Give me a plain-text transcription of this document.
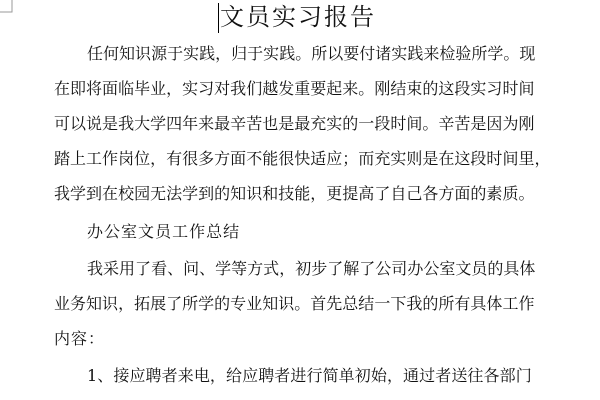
文员实习报告
任 何 知 识 源 于 实 践 ， 归 于 实 践 。 所 以 要 付 诸 实 践 来 检 验 所 学 。 现
在 即 将 面 临 毕 业 ， 实 习 对 我 们 越 发 重 要 起 来 。 刚 结 束 的 这 段 实 习 时 间
可 以 说 是 我 大 学 四 年 来 最 辛 苦 也 是 最 充 实 的 一 段 时 间 。 辛 苦 是 因 为 刚
踏 上 工 作 岗 位 ， 有 很 多 方 面 不 能 很 快 适 应 ； 而 充 实 则 是 在 这 段 时 间 里 ，
我 学 到 在 校 园 无 法 学 到 的 知 识 和 技 能 ， 更 提 高 了 自 己 各 方 面 的 素 质 。
办 公 室 文 员 工 作 总 结
我 采 用 了 看 、 问 、 学 等 方 式 ， 初 步 了 解 了 公 司 办 公 室 文 员 的 具 体
业 务 知 识 ， 拓 展 了 所 学 的 专 业 知 识 。 首 先 总 结 一 下 我 的 所 有 具 体 工 作
内 容 ：
1 、 接 应 聘 者 来 电 ， 给 应 聘 者 进 行 简 单 初 始 ， 通 过 者 送 往 各 部 门
